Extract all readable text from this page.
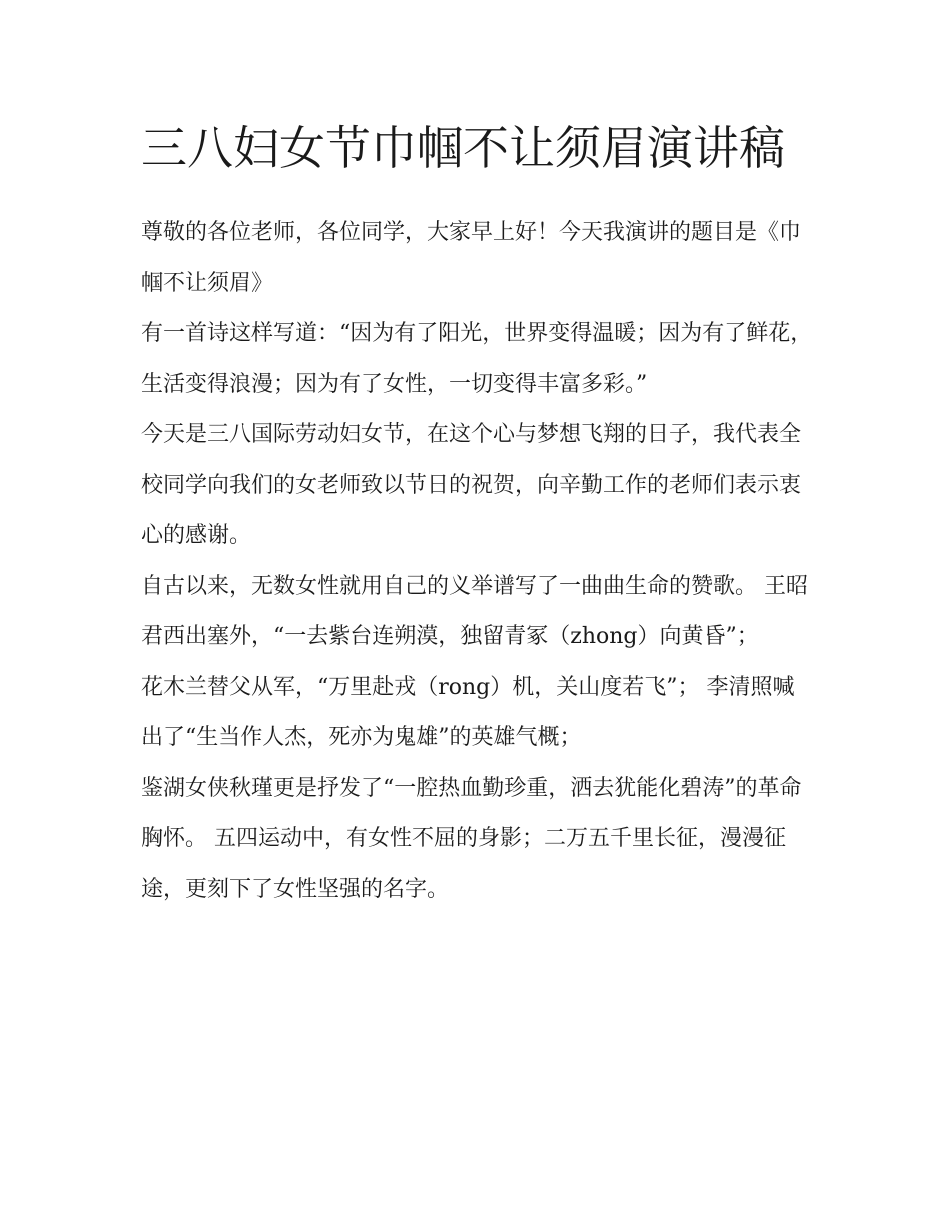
三八妇女节巾帼不让须眉演讲稿

尊敬的各位老师，各位同学，大家早上好！今天我演讲的题目是《巾帼不让须眉》

有一首诗这样写道：“因为有了阳光，世界变得温暖；因为有了鲜花，生活变得浪漫；因为有了女性，一切变得丰富多彩。”

今天是三八国际劳动妇女节，在这个心与梦想飞翔的日子，我代表全校同学向我们的女老师致以节日的祝贺，向辛勤工作的老师们表示衷心的感谢。

自古以来，无数女性就用自己的义举谱写了一曲曲生命的赞歌。 王昭君西出塞外，“一去紫台连朔漠，独留青冢（zhong）向黄昏”；

花木兰替父从军，“万里赴戎（rong）机，关山度若飞”； 李清照喊出了“生当作人杰，死亦为鬼雄”的英雄气概；

鉴湖女侠秋瑾更是抒发了“一腔热血勤珍重，洒去犹能化碧涛”的革命胸怀。 五四运动中，有女性不屈的身影；二万五千里长征，漫漫征途，更刻下了女性坚强的名字。
